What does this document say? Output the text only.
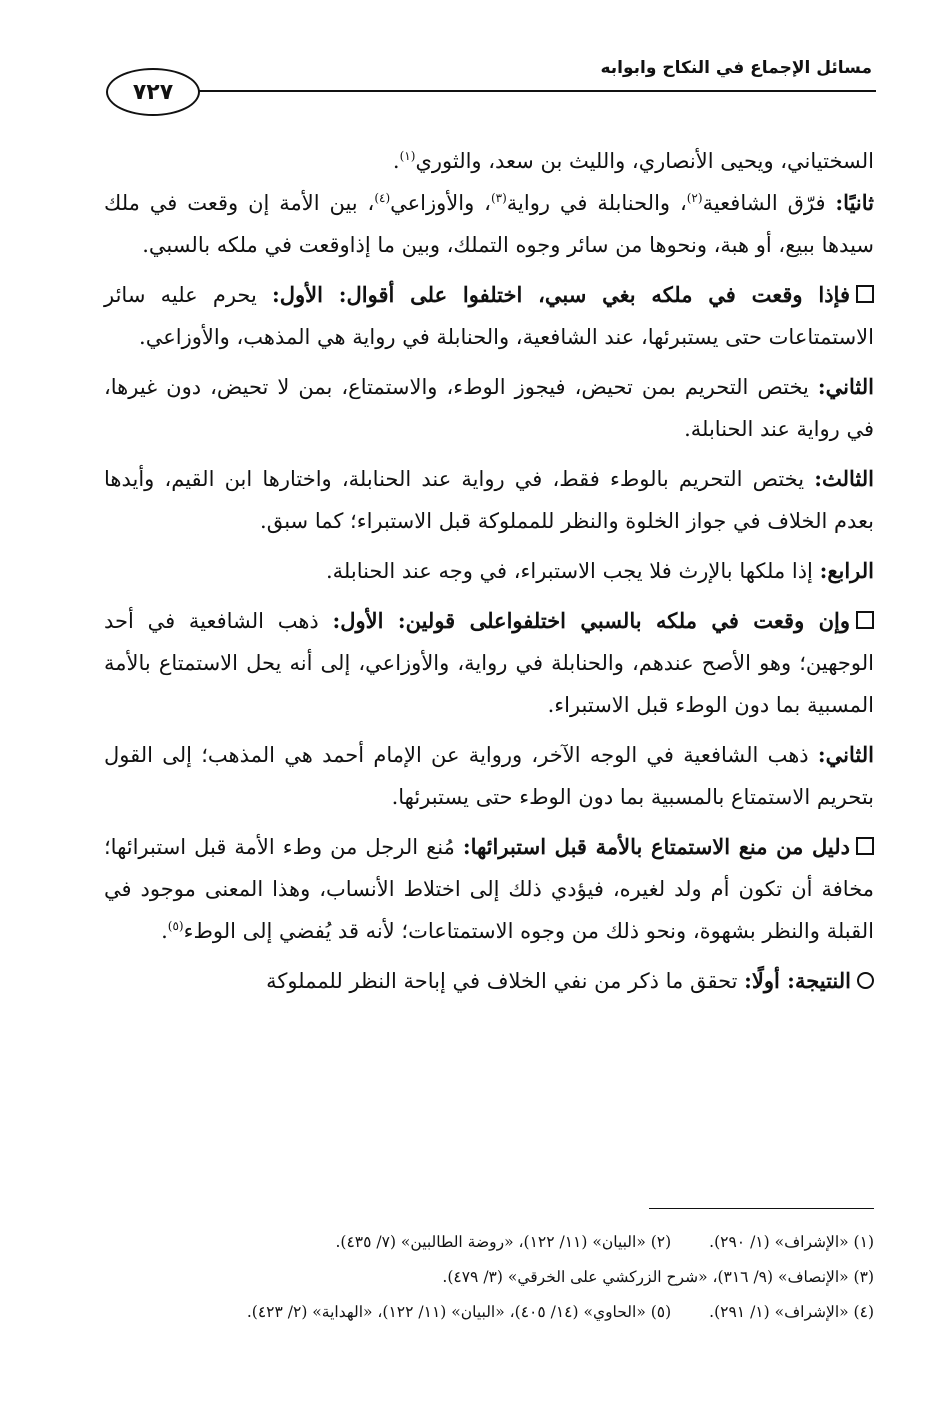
مسائل الإجماع في النكاح وابوابه
٧٢٧

السختياني، ويحيى الأنصاري، والليث بن سعد، والثوري$^{(١)}$.

ثانيًا: فرّق الشافعية$^{(٢)}$، والحنابلة في رواية$^{(٣)}$، والأوزاعي$^{(٤)}$، بين الأمة إن وقعت في ملك سيدها ببيع، أو هبة، ونحوها من سائر وجوه التملك، وبين ما إذاوقعت في ملكه بالسبي.

فإذا وقعت في ملكه بغي سبي، اختلفوا على أقوال: الأول: يحرم عليه سائر الاستمتاعات حتى يستبرئها، عند الشافعية، والحنابلة في رواية هي المذهب، والأوزاعي.

الثاني: يختص التحريم بمن تحيض، فيجوز الوطء، والاستمتاع، بمن لا تحيض، دون غيرها، في رواية عند الحنابلة.

الثالث: يختص التحريم بالوطء فقط، في رواية عند الحنابلة، واختارها ابن القيم، وأيدها بعدم الخلاف في جواز الخلوة والنظر للمملوكة قبل الاستبراء؛ كما سبق.

الرابع: إذا ملكها بالإرث فلا يجب الاستبراء، في وجه عند الحنابلة.

وإن وقعت في ملكه بالسبي اختلفواعلى قولين: الأول: ذهب الشافعية في أحد الوجهين؛ وهو الأصح عندهم، والحنابلة في رواية، والأوزاعي، إلى أنه يحل الاستمتاع بالأمة المسبية بما دون الوطء قبل الاستبراء.

الثاني: ذهب الشافعية في الوجه الآخر، ورواية عن الإمام أحمد هي المذهب؛ إلى القول بتحريم الاستمتاع بالمسبية بما دون الوطء حتى يستبرئها.

دليل من منع الاستمتاع بالأمة قبل استبرائها: مُنع الرجل من وطء الأمة قبل استبرائها؛ مخافة أن تكون أم ولد لغيره، فيؤدي ذلك إلى اختلاط الأنساب، وهذا المعنى موجود في القبلة والنظر بشهوة، ونحو ذلك من وجوه الاستمتاعات؛ لأنه قد يُفضي إلى الوطء$^{(٥)}$.

النتيجة: أولًا: تحقق ما ذكر من نفي الخلاف في إباحة النظر للمملوكة

(١) «الإشراف» (١/ ٢٩٠).(٢) «البيان» (١١/ ١٢٢)، «روضة الطالبين» (٧/ ٤٣٥).
(٣) «الإنصاف» (٩/ ٣١٦)، «شرح الزركشي على الخرقي» (٣/ ٤٧٩).
(٤) «الإشراف» (١/ ٢٩١).(٥) «الحاوي» (١٤/ ٤٠٥)، «البيان» (١١/ ١٢٢)، «الهداية» (٢/ ٤٢٣).
